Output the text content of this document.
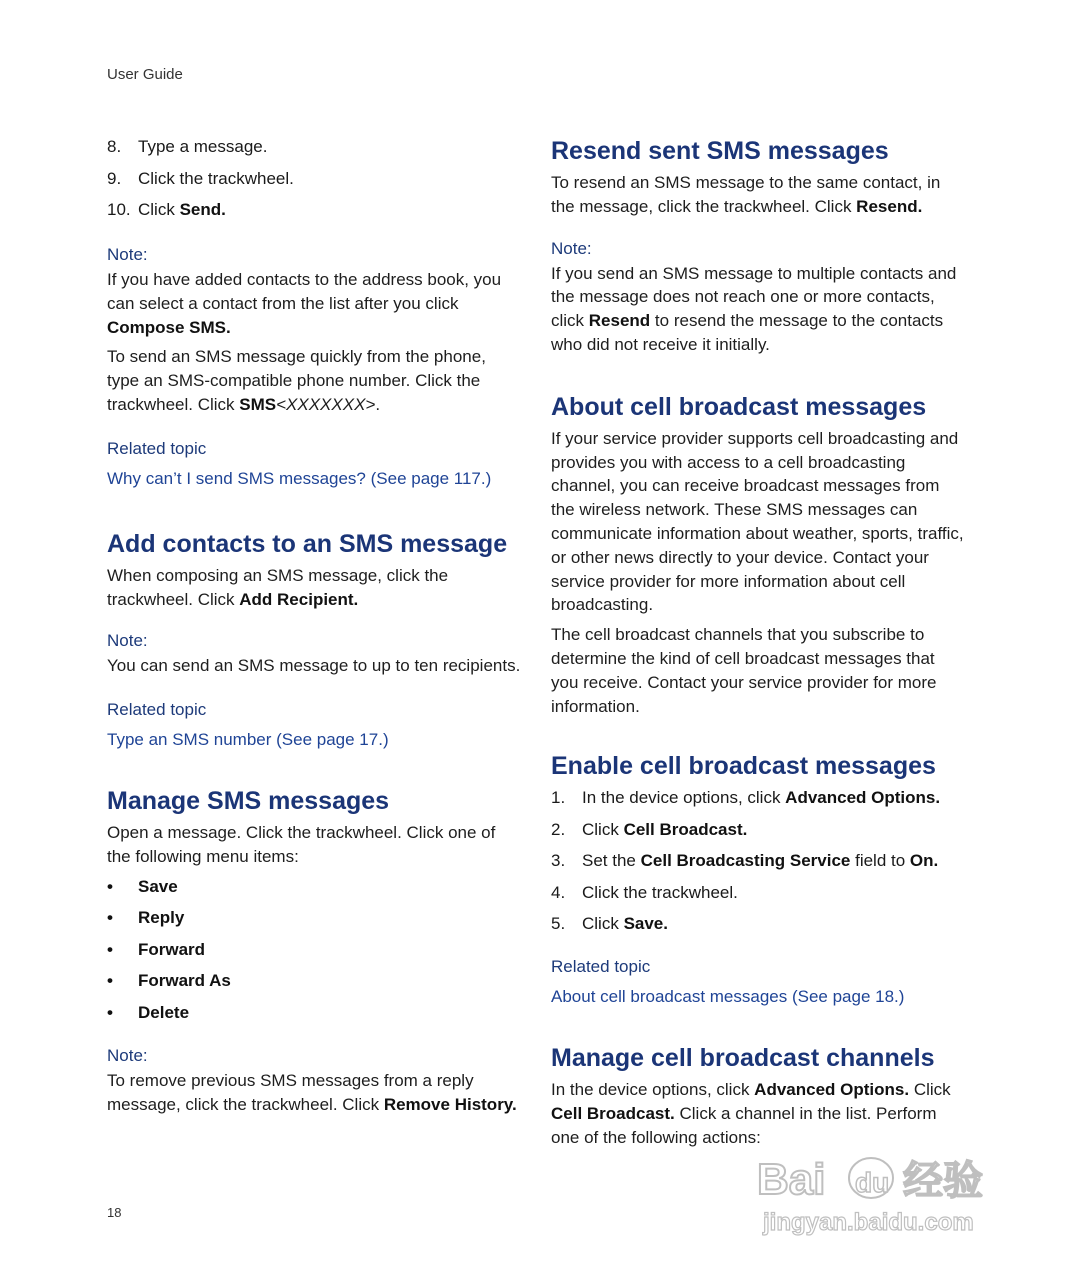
User Guide
8. Type a message.
9. Click the trackwheel.
10. Click Send.
Note:

If you have added contacts to the address book, you can select a contact from the list after you click Compose SMS.

To send an SMS message quickly from the phone, type an SMS-compatible phone number. Click the trackwheel. Click SMS<XXXXXXX>.

Related topic

Why can’t I send SMS messages? (See page 117.)

Add contacts to an SMS message

When composing an SMS message, click the trackwheel. Click Add Recipient.

Note:

You can send an SMS message to up to ten recipients.

Related topic

Type an SMS number (See page 17.)

Manage SMS messages

Open a message. Click the trackwheel. Click one of the following menu items:

•	Save
•	Reply
•	Forward
•	Forward As
•	Delete
Note:

To remove previous SMS messages from a reply message, click the trackwheel. Click Remove History.

Resend sent SMS messages

To resend an SMS message to the same contact, in the message, click the trackwheel. Click Resend.

Note:

If you send an SMS message to multiple contacts and the message does not reach one or more contacts, click Resend to resend the message to the contacts who did not receive it initially.

About cell broadcast messages

If your service provider supports cell broadcasting and provides you with access to a cell broadcasting channel, you can receive broadcast messages from the wireless network. These SMS messages can communicate information about weather, sports, traffic, or other news directly to your device. Contact your service provider for more information about cell broadcasting.

The cell broadcast channels that you subscribe to determine the kind of cell broadcast messages that you receive. Contact your service provider for more information.

Enable cell broadcast messages
1. In the device options, click Advanced Options.
2. Click Cell Broadcast.
3. Set the Cell Broadcasting Service field to On.
4. Click the trackwheel.
5. Click Save.
Related topic

About cell broadcast messages (See page 18.)

Manage cell broadcast channels

In the device options, click Advanced Options. Click Cell Broadcast. Click a channel in the list. Perform one of the following actions:

18
Bai du 经验
jingyan.baidu.com
